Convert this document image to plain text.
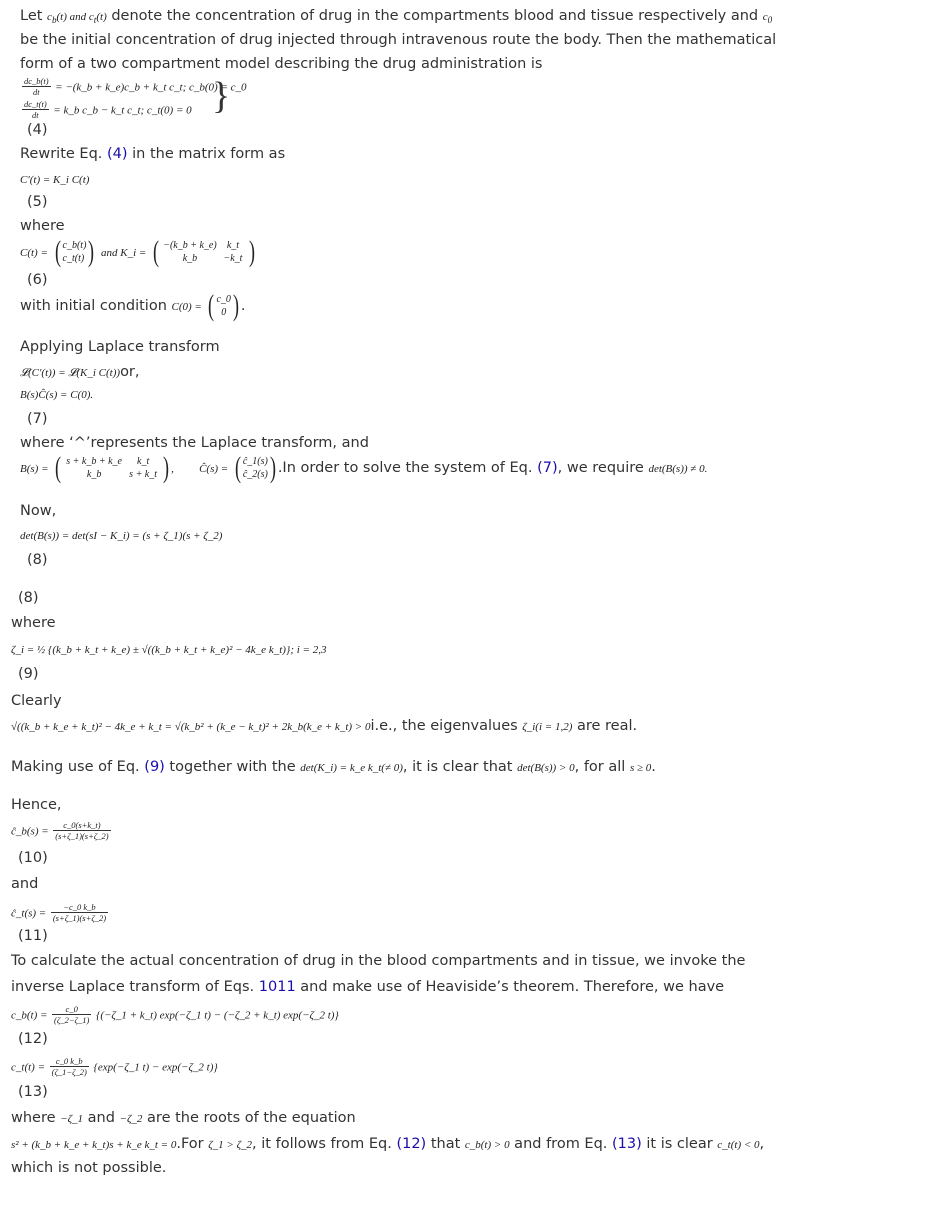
Let $c_b(t)$ and $c_t(t)$ denote the concentration of drug in the compartments blood and tissue respectively and $c_0$
be the initial concentration of drug injected through intravenous route the body. Then the mathematical
form of a two compartment model describing the drug administration is
$\frac{dc\_b(t)}{dt}$ = −(k_b + k_e)c_b + k_t c_t; c_b(0) = c_0
$\frac{dc\_t(t)}{dt}$ = k_b c_b − k_t c_t; c_t(0) = 0 }
(4)
Rewrite Eq. (4) in the matrix form as
C′(t) = K_i C(t)
(5)
where
C(t) = ( c_b(t)
c_t(t) ) and K_i = ( −(k_b + k_e) k_t
k_b	−k_t )
(6)
with initial condition C(0) = ( c_0
0 ) .
Applying Laplace transform
𝓛(C′(t)) = 𝓛(K_i C(t))or,
B(s)Ĉ(s) = C(0).
(7)
where ‘^’represents the Laplace transform, and
B(s) = ( s + k_b + k_e k_t
k_b	s + k_t ) , Ĉ(s) = ( ĉ_1(s)
ĉ_2(s) ) .In order to solve the system of Eq. (7), we require det(B(s)) ≠ 0.
Now,
det(B(s)) = det(sI − K_i) = (s + ζ_1)(s + ζ_2)
(8)
(8)
where
ζ_i = ½ {(k_b + k_t + k_e) ± √((k_b + k_t + k_e)² − 4k_e k_t)}; i = 2,3
(9)
Clearly
√((k_b + k_e + k_t)² − 4k_e + k_t = √(k_b² + (k_e − k_t)² + 2k_b(k_e + k_t) > 0i.e., the eigenvalues ζ_i(i = 1,2) are real.
Making use of Eq. (9) together with the det(K_i) = k_e k_t(≠ 0), it is clear that det(B(s)) > 0, for all s ≥ 0.
Hence,
ĉ_b(s) = $\frac{c\_0(s+k\_t)}{(s+\zeta\_1)(s+\zeta\_2)}$
(10)
and
ĉ_t(s) = $\frac{-c\_0 k\_b}{(s+\zeta\_1)(s+\zeta\_2)}$
(11)
To calculate the actual concentration of drug in the blood compartments and in tissue, we invoke the
inverse Laplace transform of Eqs. 1011 and make use of Heaviside’s theorem. Therefore, we have
c_b(t) = $\frac{c\_0}{(\zeta\_2-\zeta\_1)}$ {(−ζ_1 + k_t) exp(−ζ_1 t) − (−ζ_2 + k_t) exp(−ζ_2 t)}
(12)
c_t(t) = $\frac{c\_0 k\_b}{(\zeta\_1-\zeta\_2)}$ {exp(−ζ_1 t) − exp(−ζ_2 t)}
(13)
where −ζ_1 and −ζ_2 are the roots of the equation
s² + (k_b + k_e + k_t)s + k_e k_t = 0.For ζ_1 > ζ_2, it follows from Eq. (12) that c_b(t) > 0 and from Eq. (13) it is clear c_t(t) < 0,
which is not possible.
